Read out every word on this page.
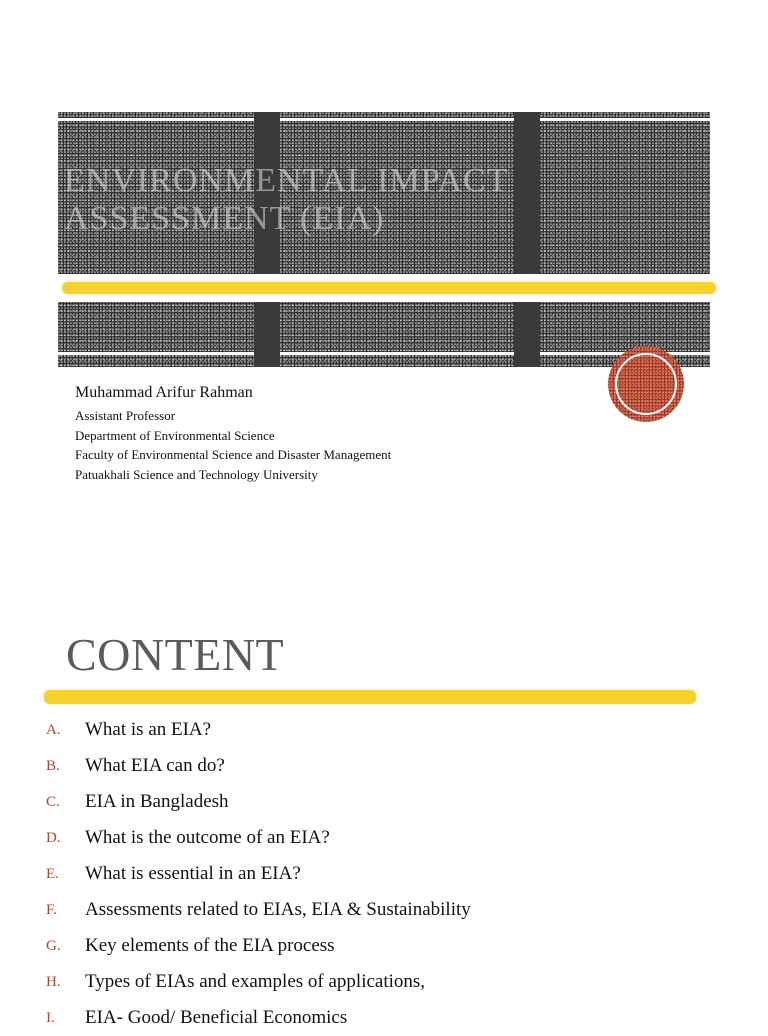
ENVIRONMENTAL IMPACT ASSESSMENT (EIA)
Muhammad Arifur Rahman
Assistant Professor
Department of Environmental Science
Faculty of Environmental Science and Disaster Management
Patuakhali Science and Technology University
CONTENT
A.	What is an EIA?
B.	What EIA can do?
C.	EIA in Bangladesh
D.	What is the outcome of an EIA?
E.	What is essential in an EIA?
F.	Assessments related to EIAs, EIA & Sustainability
G.	Key elements of the EIA process
H.	Types of EIAs and examples of applications,
I.	EIA- Good/ Beneficial Economics
